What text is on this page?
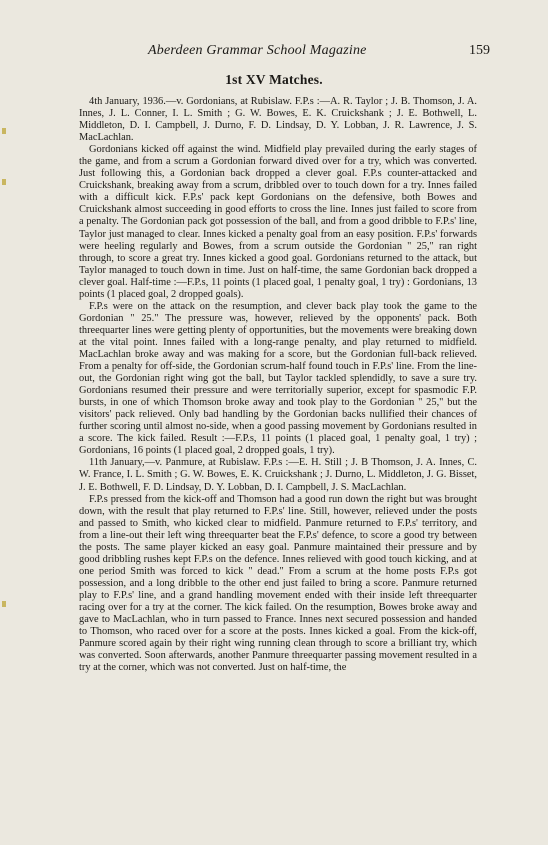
Aberdeen Grammar School Magazine	159
1st XV Matches.

4th January, 1936.—v. Gordonians, at Rubislaw. F.P.s :—A. R. Taylor ; J. B. Thomson, J. A. Innes, J. L. Conner, I. L. Smith ; G. W. Bowes, E. K. Cruickshank ; J. E. Bothwell, L. Middleton, D. I. Campbell, J. Durno, F. D. Lindsay, D. Y. Lobban, J. R. Lawrence, J. S. MacLachlan.

Gordonians kicked off against the wind. Midfield play prevailed during the early stages of the game, and from a scrum a Gordonian forward dived over for a try, which was converted. Just following this, a Gordonian back dropped a clever goal. F.P.s counter-attacked and Cruickshank, breaking away from a scrum, dribbled over to touch down for a try. Innes failed with a difficult kick. F.P.s' pack kept Gordonians on the defensive, both Bowes and Cruickshank almost succeeding in good efforts to cross the line. Innes just failed to score from a penalty. The Gordonian pack got possession of the ball, and from a good dribble to F.P.s' line, Taylor just managed to clear. Innes kicked a penalty goal from an easy position. F.P.s' forwards were heeling regularly and Bowes, from a scrum outside the Gordonian " 25," ran right through, to score a great try. Innes kicked a good goal. Gordonians returned to the attack, but Taylor managed to touch down in time. Just on half-time, the same Gordonian back dropped a clever goal. Half-time :—F.P.s, 11 points (1 placed goal, 1 penalty goal, 1 try) : Gordonians, 13 points (1 placed goal, 2 dropped goals).

F.P.s were on the attack on the resumption, and clever back play took the game to the Gordonian " 25." The pressure was, however, relieved by the opponents' pack. Both threequarter lines were getting plenty of opportunities, but the movements were breaking down at the vital point. Innes failed with a long-range penalty, and play returned to midfield. MacLachlan broke away and was making for a score, but the Gordonian full-back relieved. From a penalty for off-side, the Gordonian scrum-half found touch in F.P.s' line. From the line-out, the Gordonian right wing got the ball, but Taylor tackled splendidly, to save a sure try. Gordonians resumed their pressure and were territorially superior, except for spasmodic F.P. bursts, in one of which Thomson broke away and took play to the Gordonian " 25," but the visitors' pack relieved. Only bad handling by the Gordonian backs nullified their chances of further scoring until almost no-side, when a good passing movement by Gordonians resulted in a score. The kick failed. Result :—F.P.s, 11 points (1 placed goal, 1 penalty goal, 1 try) ; Gordonians, 16 points (1 placed goal, 2 dropped goals, 1 try).

11th January,—v. Panmure, at Rubislaw. F.P.s :—E. H. Still ; J. B Thomson, J. A. Innes, C. W. France, I. L. Smith ; G. W. Bowes, E. K. Cruickshank ; J. Durno, L. Middleton, J. G. Bisset, J. E. Bothwell, F. D. Lindsay, D. Y. Lobban, D. I. Campbell, J. S. MacLachlan.

F.P.s pressed from the kick-off and Thomson had a good run down the right but was brought down, with the result that play returned to F.P.s' line. Still, however, relieved under the posts and passed to Smith, who kicked clear to midfield. Panmure returned to F.P.s' territory, and from a line-out their left wing threequarter beat the F.P.s' defence, to score a good try between the posts. The same player kicked an easy goal. Panmure maintained their pressure and by good dribbling rushes kept F.P.s on the defence. Innes relieved with good touch kicking, and at one period Smith was forced to kick " dead." From a scrum at the home posts F.P.s got possession, and a long dribble to the other end just failed to bring a score. Panmure returned play to F.P.s' line, and a grand handling movement ended with their inside left threequarter racing over for a try at the corner. The kick failed. On the resumption, Bowes broke away and gave to MacLachlan, who in turn passed to France. Innes next secured possession and handed to Thomson, who raced over for a score at the posts. Innes kicked a goal. From the kick-off, Panmure scored again by their right wing running clean through to score a brilliant try, which was converted. Soon afterwards, another Panmure threequarter passing movement resulted in a try at the corner, which was not converted. Just on half-time, the
